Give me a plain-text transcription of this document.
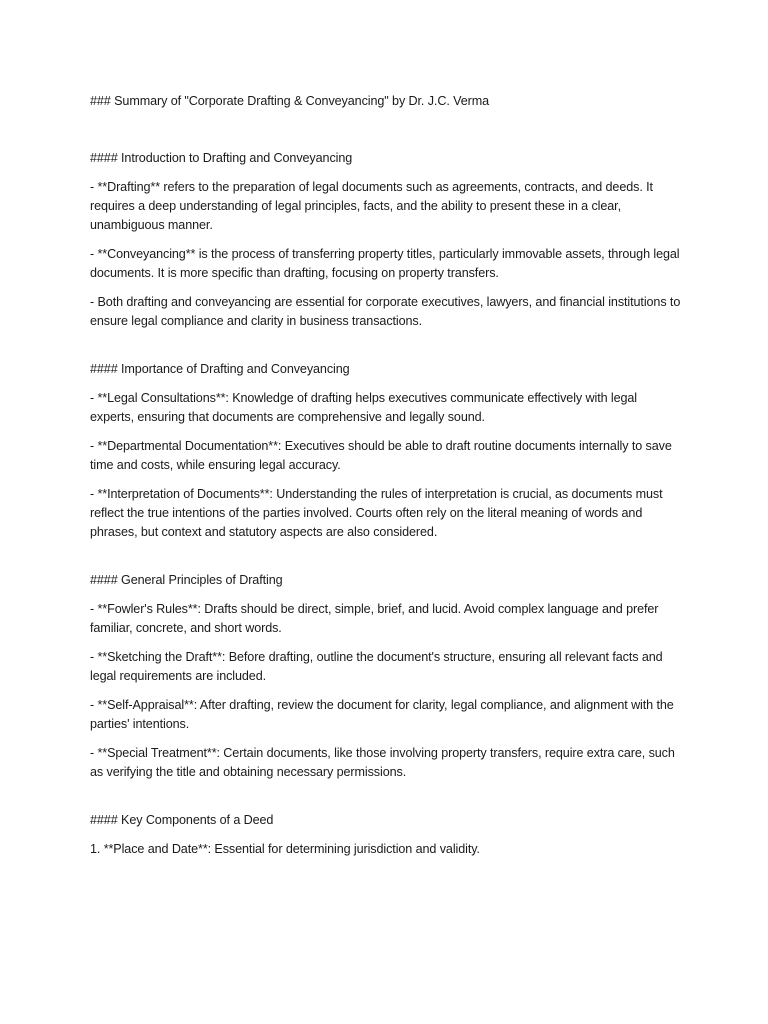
### Summary of "Corporate Drafting & Conveyancing" by Dr. J.C. Verma

#### Introduction to Drafting and Conveyancing

- **Drafting** refers to the preparation of legal documents such as agreements, contracts, and deeds. It requires a deep understanding of legal principles, facts, and the ability to present these in a clear, unambiguous manner.

- **Conveyancing** is the process of transferring property titles, particularly immovable assets, through legal documents. It is more specific than drafting, focusing on property transfers.

- Both drafting and conveyancing are essential for corporate executives, lawyers, and financial institutions to ensure legal compliance and clarity in business transactions.

#### Importance of Drafting and Conveyancing

- **Legal Consultations**: Knowledge of drafting helps executives communicate effectively with legal experts, ensuring that documents are comprehensive and legally sound.

- **Departmental Documentation**: Executives should be able to draft routine documents internally to save time and costs, while ensuring legal accuracy.

- **Interpretation of Documents**: Understanding the rules of interpretation is crucial, as documents must reflect the true intentions of the parties involved. Courts often rely on the literal meaning of words and phrases, but context and statutory aspects are also considered.

#### General Principles of Drafting

- **Fowler's Rules**: Drafts should be direct, simple, brief, and lucid. Avoid complex language and prefer familiar, concrete, and short words.

- **Sketching the Draft**: Before drafting, outline the document's structure, ensuring all relevant facts and legal requirements are included.

- **Self-Appraisal**: After drafting, review the document for clarity, legal compliance, and alignment with the parties' intentions.

- **Special Treatment**: Certain documents, like those involving property transfers, require extra care, such as verifying the title and obtaining necessary permissions.

#### Key Components of a Deed

1. **Place and Date**: Essential for determining jurisdiction and validity.
